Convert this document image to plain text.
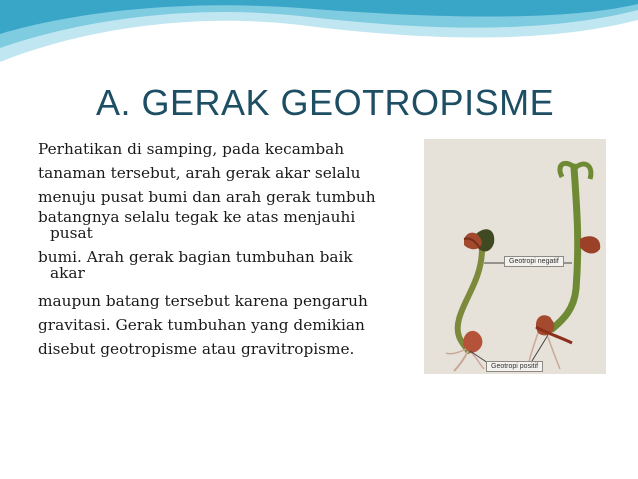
A. GERAK GEOTROPISME
Perhatikan di samping, pada kecambah
tanaman tersebut, arah gerak akar selalu
menuju pusat bumi dan arah gerak tumbuh
batangnya selalu tegak ke atas menjauhi
pusat
bumi. Arah gerak bagian tumbuhan baik
akar
maupun batang tersebut karena pengaruh
gravitasi. Gerak tumbuhan yang demikian
disebut geotropisme atau gravitropisme.
Geotropi negatif
Geotropi positif
